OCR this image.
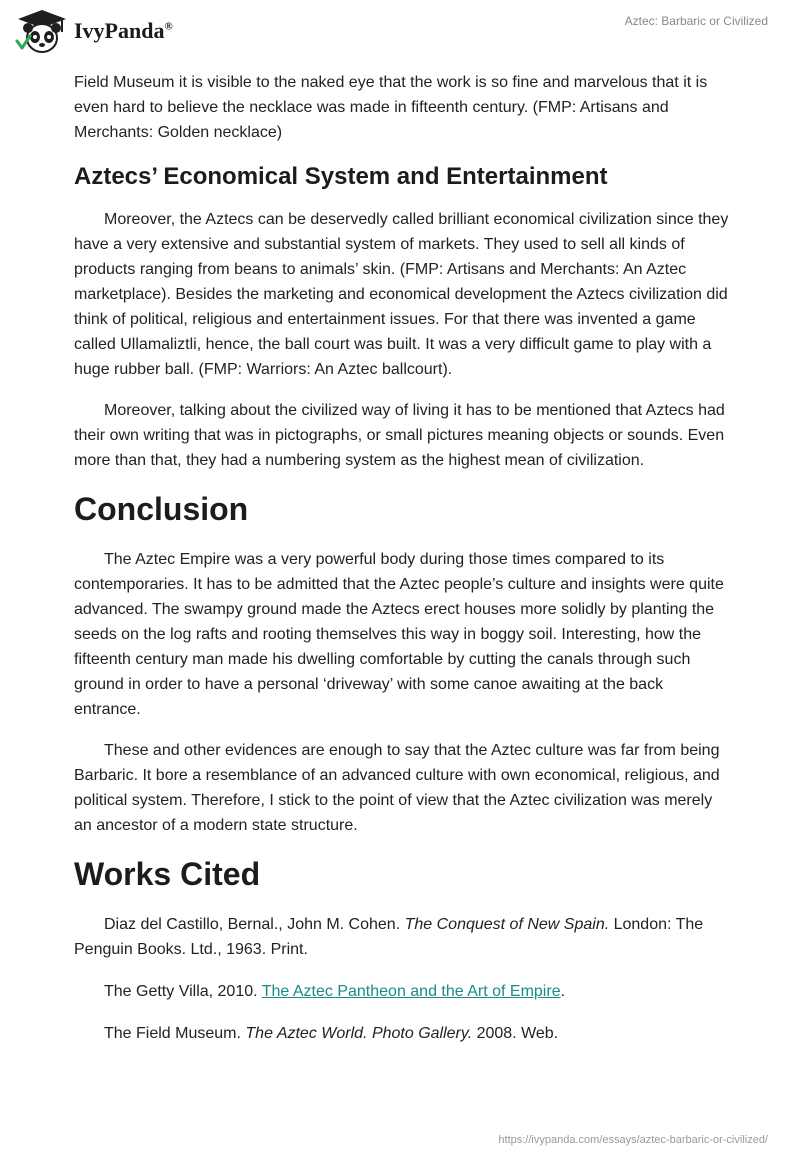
IvyPanda®	Aztec: Barbaric or Civilized

Field Museum it is visible to the naked eye that the work is so fine and marvelous that it is even hard to believe the necklace was made in fifteenth century. (FMP: Artisans and Merchants: Golden necklace)

Aztecs’ Economical System and Entertainment

Moreover, the Aztecs can be deservedly called brilliant economical civilization since they have a very extensive and substantial system of markets. They used to sell all kinds of products ranging from beans to animals’ skin. (FMP: Artisans and Merchants: An Aztec marketplace). Besides the marketing and economical development the Aztecs civilization did think of political, religious and entertainment issues. For that there was invented a game called Ullamaliztli, hence, the ball court was built. It was a very difficult game to play with a huge rubber ball. (FMP: Warriors: An Aztec ballcourt).

Moreover, talking about the civilized way of living it has to be mentioned that Aztecs had their own writing that was in pictographs, or small pictures meaning objects or sounds. Even more than that, they had a numbering system as the highest mean of civilization.

Conclusion

The Aztec Empire was a very powerful body during those times compared to its contemporaries. It has to be admitted that the Aztec people’s culture and insights were quite advanced. The swampy ground made the Aztecs erect houses more solidly by planting the seeds on the log rafts and rooting themselves this way in boggy soil. Interesting, how the fifteenth century man made his dwelling comfortable by cutting the canals through such ground in order to have a personal ‘driveway’ with some canoe awaiting at the back entrance.

These and other evidences are enough to say that the Aztec culture was far from being Barbaric. It bore a resemblance of an advanced culture with own economical, religious, and political system. Therefore, I stick to the point of view that the Aztec civilization was merely an ancestor of a modern state structure.

Works Cited

Diaz del Castillo, Bernal., John M. Cohen. The Conquest of New Spain. London: The Penguin Books. Ltd., 1963. Print.

The Getty Villa, 2010. The Aztec Pantheon and the Art of Empire.

The Field Museum. The Aztec World. Photo Gallery. 2008. Web.

https://ivypanda.com/essays/aztec-barbaric-or-civilized/
